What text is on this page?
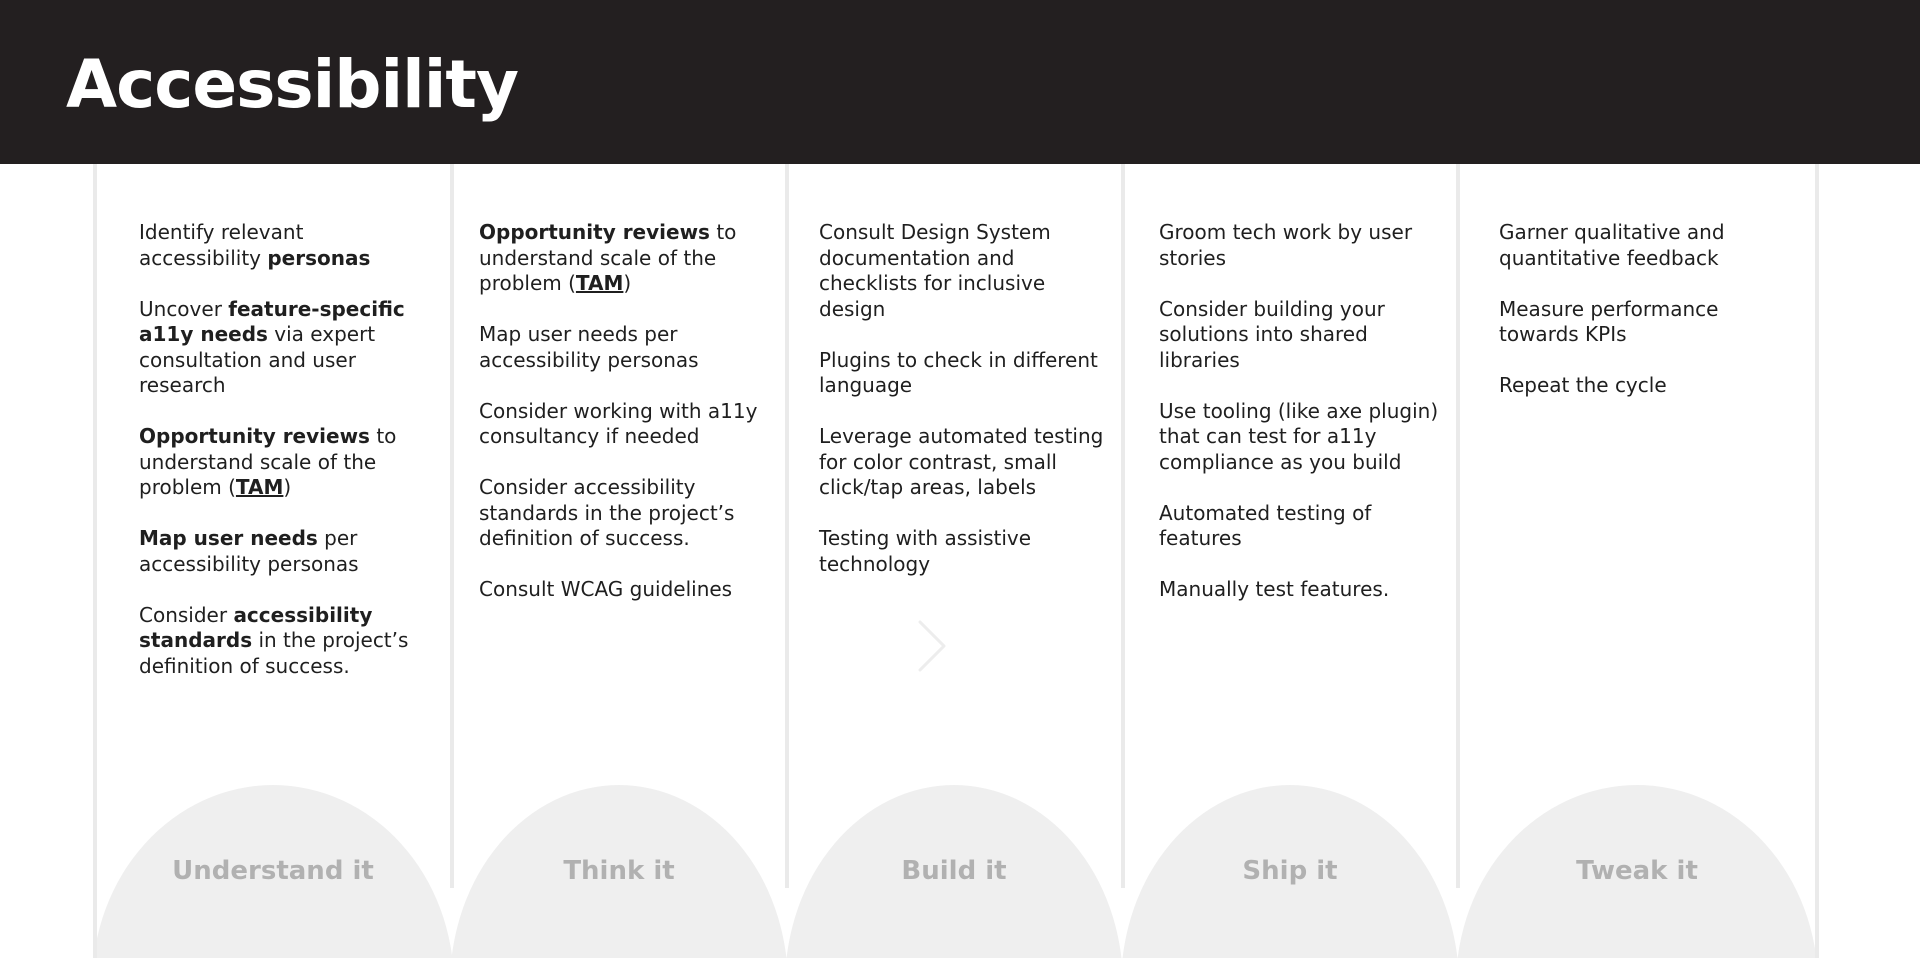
Accessibility

Identify relevant accessibility personas

Uncover feature-specific a11y needs via expert consultation and user research

Opportunity reviews to understand scale of the problem (TAM)

Map user needs per accessibility personas

Consider accessibility standards in the project’s definition of success.

Opportunity reviews to understand scale of the problem (TAM)

Map user needs per accessibility personas

Consider working with a11y consultancy if needed

Consider accessibility standards in the project’s definition of success.

Consult WCAG guidelines

Consult Design System documentation and checklists for inclusive design

Plugins to check in different language

Leverage automated testing for color contrast, small click/tap areas, labels

Testing with assistive technology

Groom tech work by user stories

Consider building your solutions into shared libraries

Use tooling (like axe plugin) that can test for a11y compliance as you build

Automated testing of features

Manually test features.

Garner qualitative and quantitative feedback

Measure performance towards KPIs

Repeat the cycle

Understand it	Think it	Build it	Ship it	Tweak it
